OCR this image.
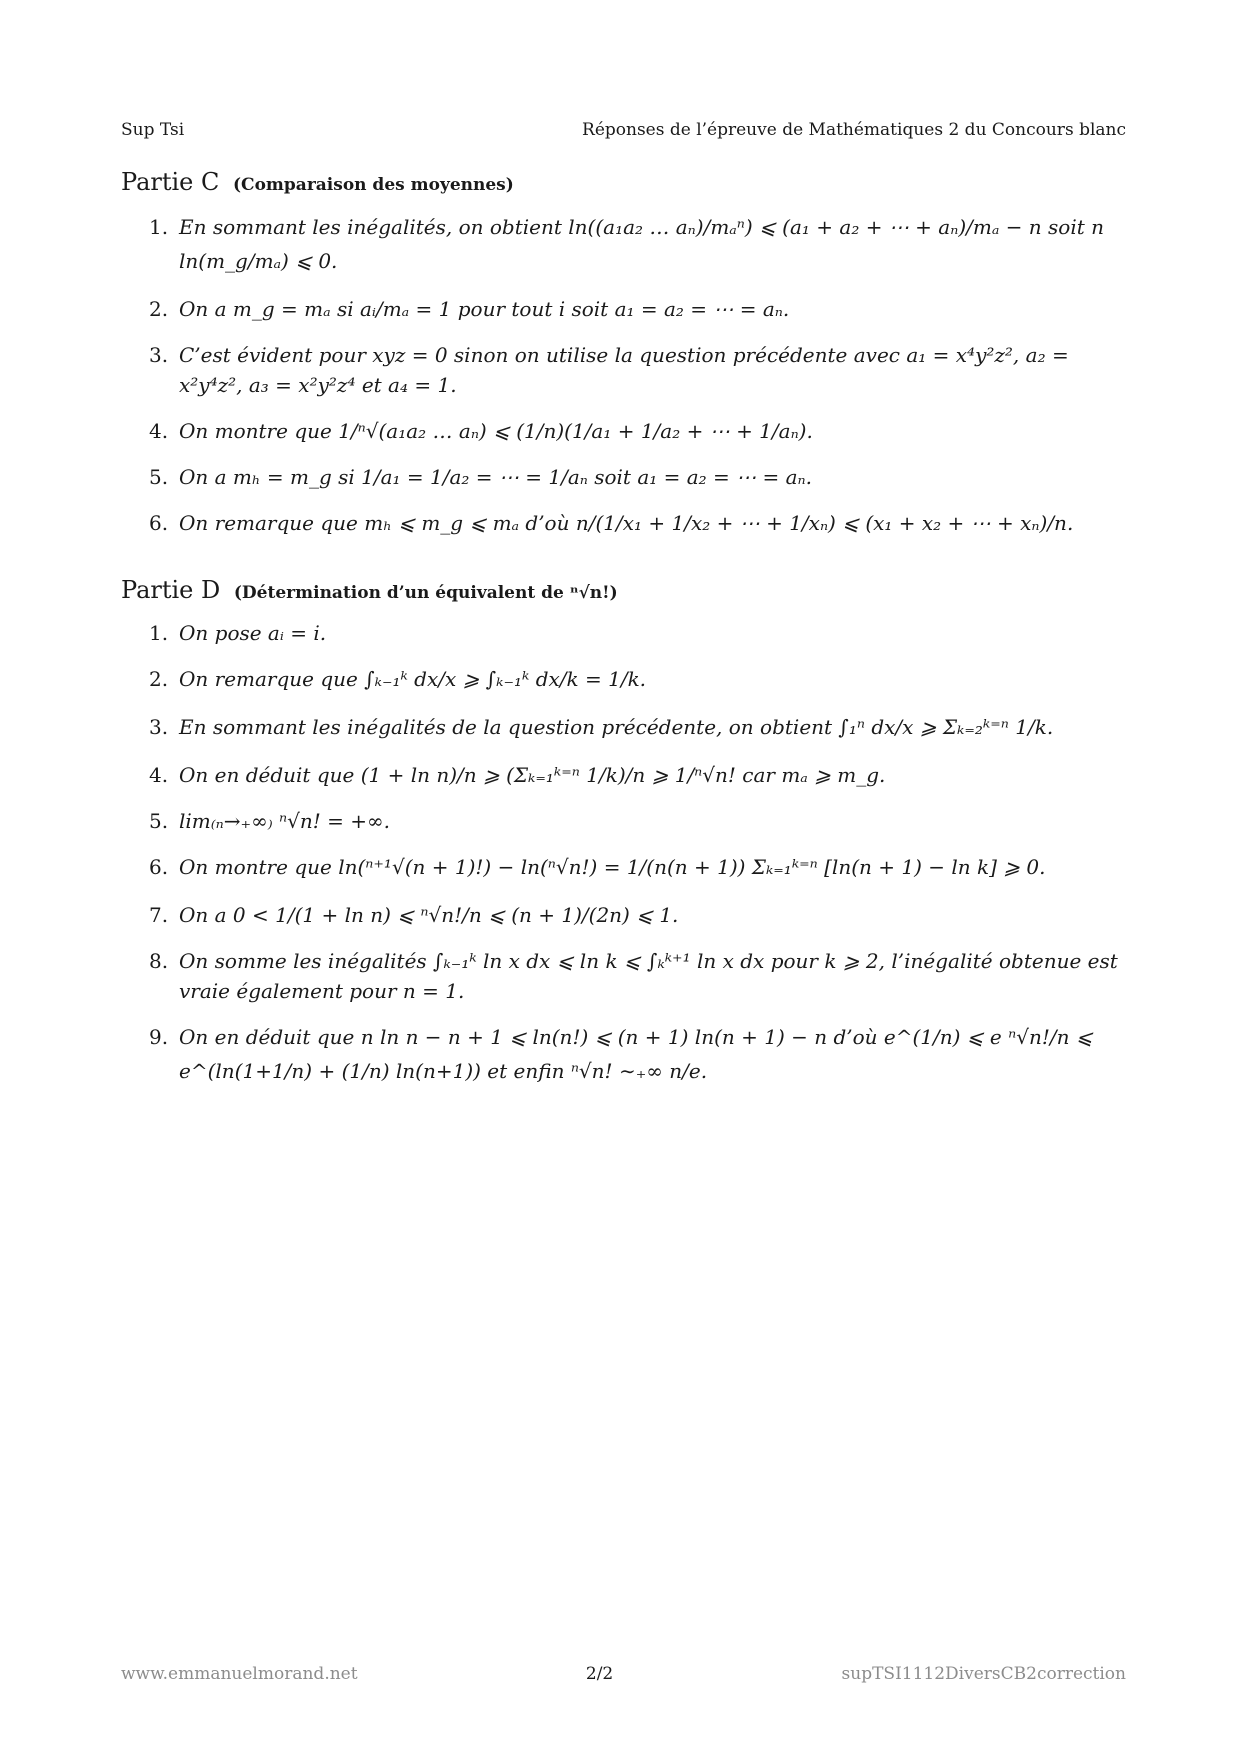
Sup Tsi	Réponses de l’épreuve de Mathématiques 2 du Concours blanc
Partie C (Comparaison des moyennes)
1. En sommant les inégalités, on obtient ln((a₁a₂ … aₙ)/mₐⁿ) ⩽ (a₁ + a₂ + ⋯ + aₙ)/mₐ − n soit n ln(m_g/mₐ) ⩽ 0.
2. On a m_g = mₐ si aᵢ/mₐ = 1 pour tout i soit a₁ = a₂ = ⋯ = aₙ.
3. C’est évident pour xyz = 0 sinon on utilise la question précédente avec a₁ = x⁴y²z², a₂ = x²y⁴z², a₃ = x²y²z⁴ et a₄ = 1.
4. On montre que 1/ⁿ√(a₁a₂ … aₙ) ⩽ (1/n)(1/a₁ + 1/a₂ + ⋯ + 1/aₙ).
5. On a mₕ = m_g si 1/a₁ = 1/a₂ = ⋯ = 1/aₙ soit a₁ = a₂ = ⋯ = aₙ.
6. On remarque que mₕ ⩽ m_g ⩽ mₐ d’où n/(1/x₁ + 1/x₂ + ⋯ + 1/xₙ) ⩽ (x₁ + x₂ + ⋯ + xₙ)/n.
Partie D (Détermination d’un équivalent de ⁿ√n!)
1. On pose aᵢ = i.
2. On remarque que ∫ₖ₋₁ᵏ dx/x ⩾ ∫ₖ₋₁ᵏ dx/k = 1/k.
3. En sommant les inégalités de la question précédente, on obtient ∫₁ⁿ dx/x ⩾ Σₖ₌₂ᵏ⁼ⁿ 1/k.
4. On en déduit que (1 + ln n)/n ⩾ (Σₖ₌₁ᵏ⁼ⁿ 1/k)/n ⩾ 1/ⁿ√n! car mₐ ⩾ m_g.
5. lim₍ₙ→₊∞₎ ⁿ√n! = +∞.
6. On montre que ln(ⁿ⁺¹√(n + 1)!) − ln(ⁿ√n!) = 1/(n(n + 1)) Σₖ₌₁ᵏ⁼ⁿ [ln(n + 1) − ln k] ⩾ 0.
7. On a 0 < 1/(1 + ln n) ⩽ ⁿ√n!/n ⩽ (n + 1)/(2n) ⩽ 1.
8. On somme les inégalités ∫ₖ₋₁ᵏ ln x dx ⩽ ln k ⩽ ∫ₖᵏ⁺¹ ln x dx pour k ⩾ 2, l’inégalité obtenue est vraie également pour n = 1.
9. On en déduit que n ln n − n + 1 ⩽ ln(n!) ⩽ (n + 1) ln(n + 1) − n d’où e^(1/n) ⩽ e ⁿ√n!/n ⩽ e^(ln(1+1/n) + (1/n) ln(n+1)) et enfin ⁿ√n! ∼₊∞ n/e.
www.emmanuelmorand.net	2/2	supTSI1112DiversCB2correction
